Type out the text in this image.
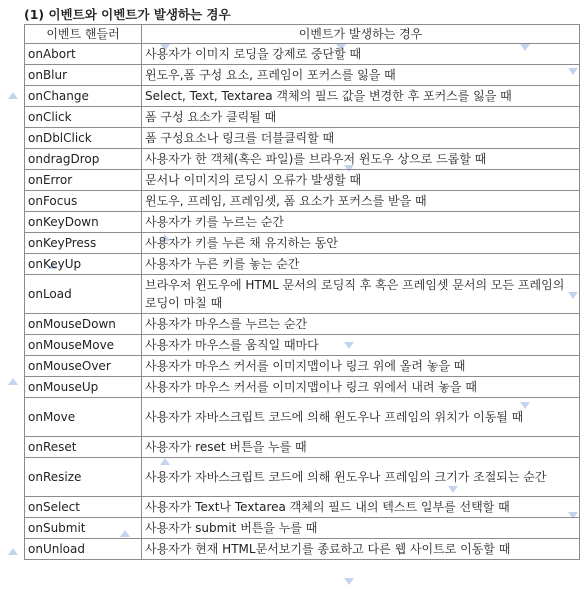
(1) 이벤트와 이벤트가 발생하는 경우
이벤트 핸들러	이벤트가 발생하는 경우
onAbort	사용자가 이미지 로딩을 강제로 중단할 때
onBlur	윈도우,폼 구성 요소, 프레임이 포커스를 잃을 때
onChange	Select, Text, Textarea 객체의 필드 값을 변경한 후 포커스를 잃을 때
onClick	폼 구성 요소가 클릭될 때
onDblClick	폼 구성요소나 링크를 더블클릭할 때
ondragDrop	사용자가 한 객체(혹은 파일)를 브라우저 윈도우 상으로 드롭할 때
onError	문서나 이미지의 로딩시 오류가 발생할 때
onFocus	윈도우, 프레임, 프레임셋, 폼 요소가 포커스를 받을 때
onKeyDown	사용자가 키를 누르는 순간
onKeyPress	사용자가 키를 누른 채 유지하는 동안
onKeyUp	사용자가 누른 키를 놓는 순간
onLoad	브라우저 윈도우에 HTML 문서의 로딩직 후 혹은 프레임셋 문서의 모든 프레임의 로딩이 마칠 때
onMouseDown	사용자가 마우스를 누르는 순간
onMouseMove	사용자가 마우스를 움직일 때마다
onMouseOver	사용자가 마우스 커서를 이미지맵이나 링크 위에 올려 놓을 때
onMouseUp	사용자가 마우스 커서를 이미지맵이나 링크 위에서 내려 놓을 때
onMove	사용자가 자바스크립트 코드에 의해 윈도우나 프레임의 위치가 이동될 때
onReset	사용자가 reset 버튼을 누를 때
onResize	사용자가 자바스크립트 코드에 의해 윈도우나 프레임의 크기가 조절되는 순간
onSelect	사용자가 Text나 Textarea 객체의 필드 내의 텍스트 일부를 선택할 때
onSubmit	사용자가 submit 버튼을 누를 때
onUnload	사용자가 현재 HTML문서보기를 종료하고 다른 웹 사이트로 이동할 때
